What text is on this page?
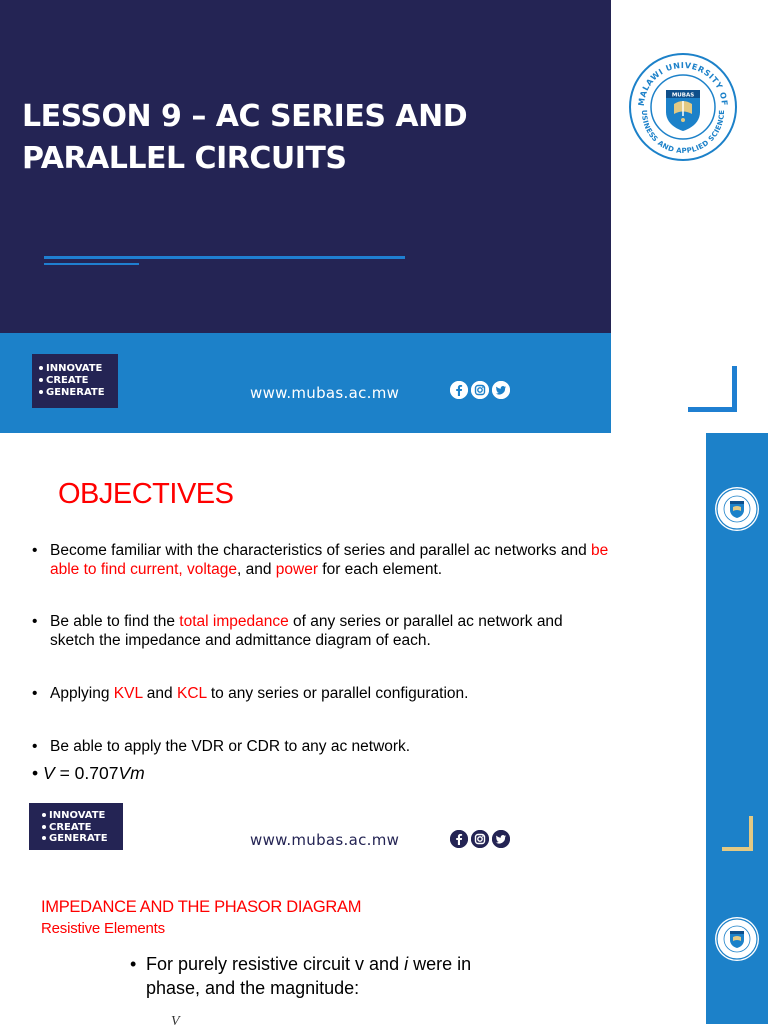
LESSON 9 – AC SERIES AND
PARALLEL CIRCUITS
INNOVATE
CREATE
GENERATE	www.mubas.ac.mw
MALAWI UNIVERSITY OF
USINESS AND APPLIED SCIENCE
MUBAS
OBJECTIVES
• Become familiar with the characteristics of series and parallel ac networks and be
able to find current, voltage, and power for each element.
• Be able to find the total impedance of any series or parallel ac network and
sketch the impedance and admittance diagram of each.
• Applying KVL and KCL to any series or parallel configuration.
• Be able to apply the VDR or CDR to any ac network.
• V = 0.707Vm
INNOVATE
CREATE
GENERATE	www.mubas.ac.mw
IMPEDANCE AND THE PHASOR DIAGRAM
Resistive Elements
• For purely resistive circuit v and i were in
phase, and the magnitude:
V
